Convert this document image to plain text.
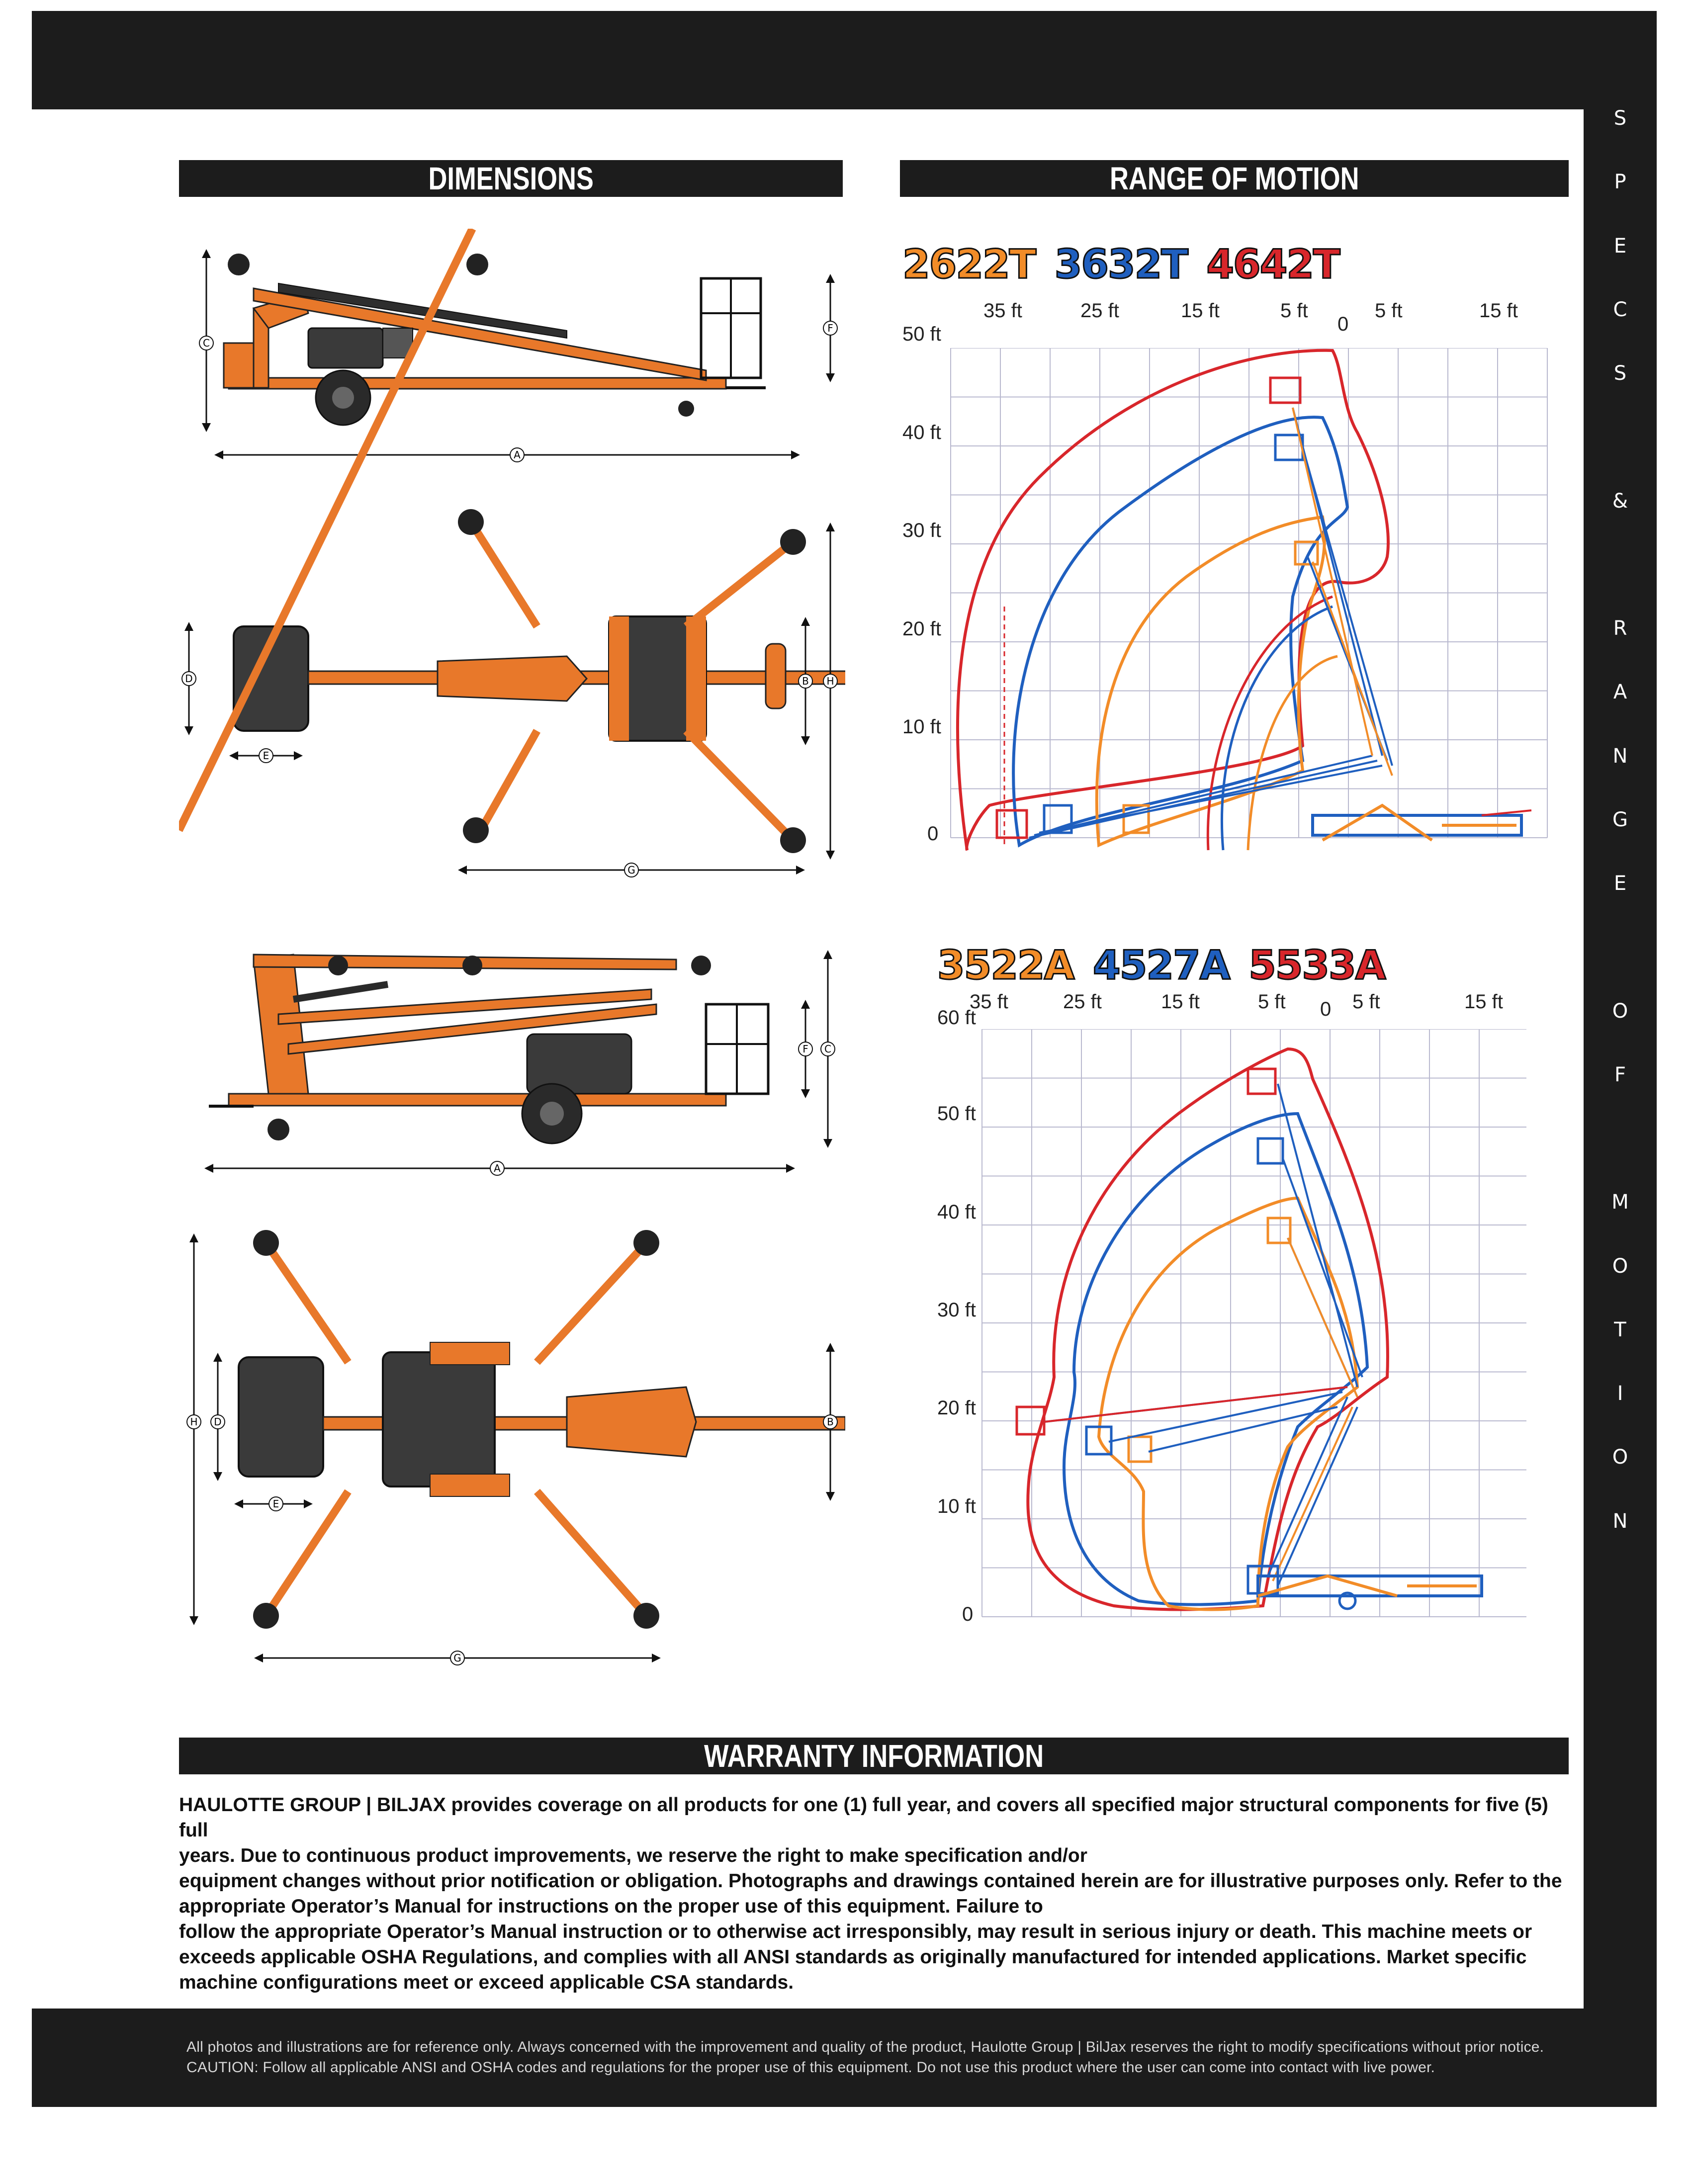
S
P
E
C
S
&
R
A
N
G
E
O
F
M
O
T
I
O
N
All photos and illustrations are for reference only. Always concerned with the improvement and quality of the product, Haulotte Group | BilJax reserves the right to modify specifications without prior notice.
CAUTION: Follow all applicable ANSI and OSHA codes and regulations for the proper use of this equipment. Do not use this product where the user can come into contact with live power.
DIMENSIONS	RANGE OF MOTION
WARRANTY INFORMATION
C
F
A
D
E
B H
G
F C
A
H D
E
B
G
2622T 3632T 4642T
35 ft	25 ft	15 ft	5 ft
0
5 ft	15 ft
50 ft
40 ft
30 ft
20 ft
10 ft
0
3522A 4527A 5533A
35 ft	25 ft	15 ft	5 ft 0 5 ft	15 ft
60 ft
50 ft
40 ft
30 ft
20 ft
10 ft
0

HAULOTTE GROUP | BILJAX provides coverage on all products for one (1) full year, and covers all specified major structural components for five (5) full

years. Due to continuous product improvements, we reserve the right to make specification and/or

equipment changes without prior notification or obligation. Photographs and drawings contained herein are for illustrative purposes only. Refer to the

appropriate Operator’s Manual for instructions on the proper use of this equipment. Failure to

follow the appropriate Operator’s Manual instruction or to otherwise act irresponsibly, may result in serious injury or death. This machine meets or

exceeds applicable OSHA Regulations, and complies with all ANSI standards as originally manufactured for intended applications. Market specific

machine configurations meet or exceed applicable CSA standards.
